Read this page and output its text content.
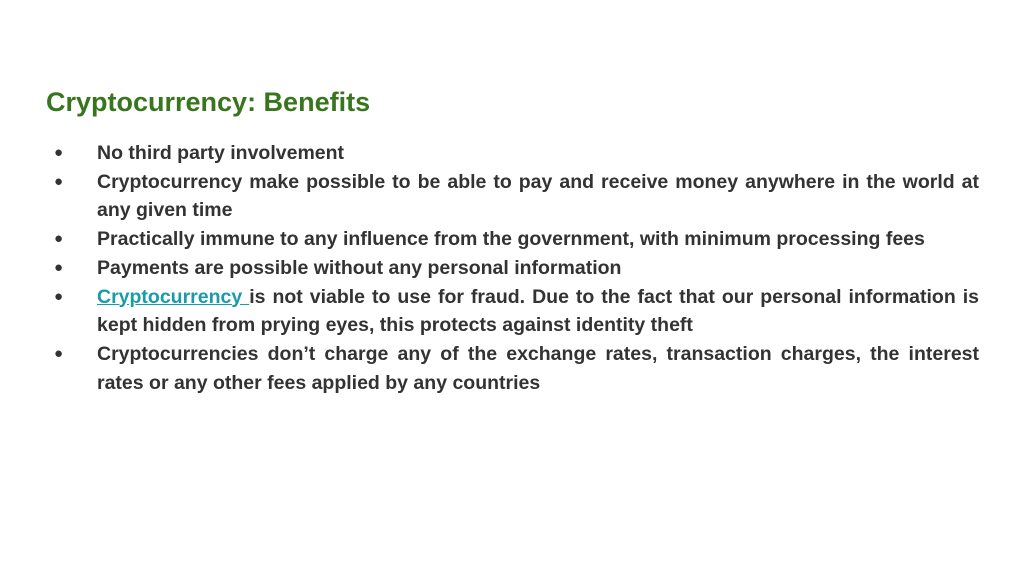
Cryptocurrency: Benefits
●	No third party involvement
●	Cryptocurrency make possible to be able to pay and receive money anywhere in the world at any given time
●	Practically immune to any influence from the government, with minimum processing fees
●	Payments are possible without any personal information
●	Cryptocurrency is not viable to use for fraud. Due to the fact that our personal information is kept hidden from prying eyes, this protects against identity theft
●	Cryptocurrencies don’t charge any of the exchange rates, transaction charges, the interest rates or any other fees applied by any countries
